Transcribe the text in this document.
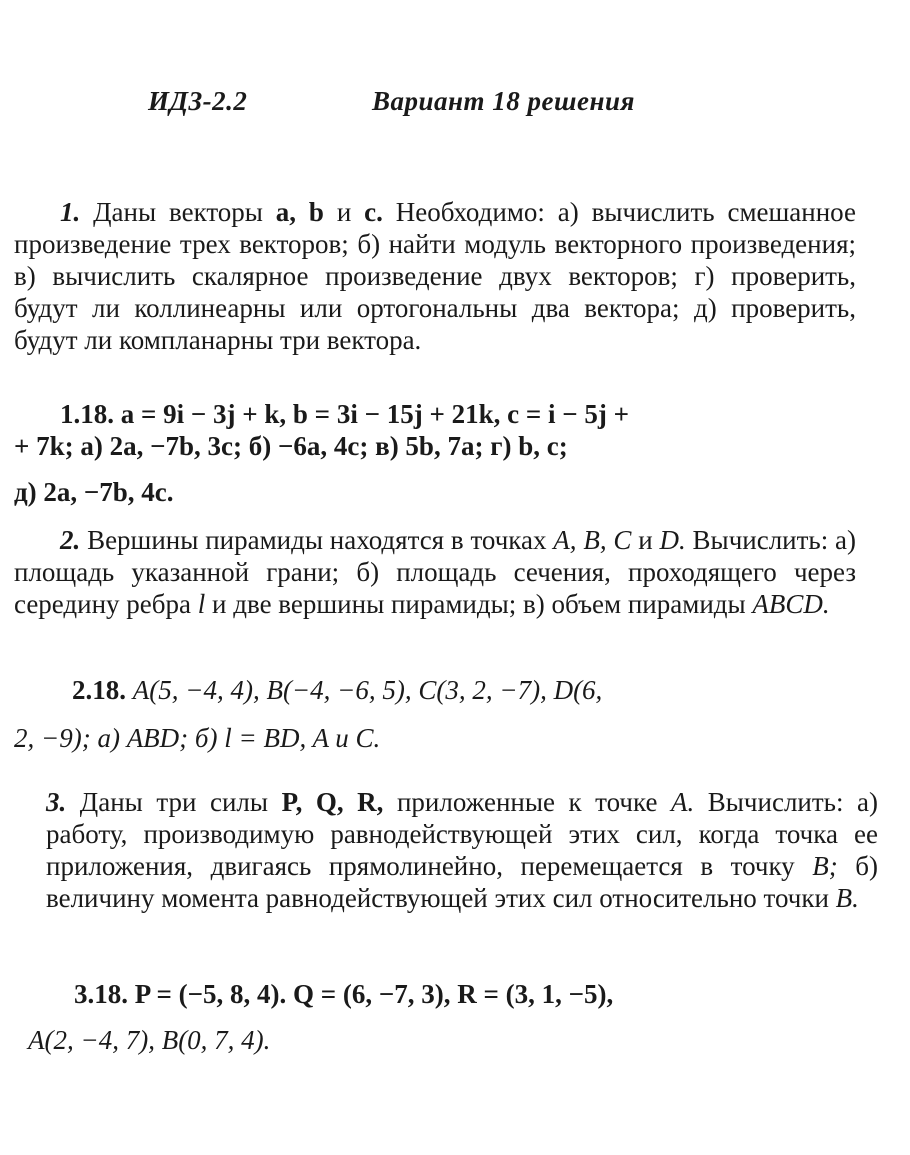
ИДЗ-2.2	Вариант 18 решения

1. Даны векторы a, b и c. Необходимо: а) вычислить смешанное произведение трех векторов; б) найти модуль векторного произведения; в) вычислить скалярное произведение двух векторов; г) проверить, будут ли коллинеарны или ортогональны два вектора; д) проверить, будут ли компланарны три вектора.

1.18. a = 9i − 3j + k, b = 3i − 15j + 21k, c = i − 5j +

+ 7k; а) 2a, −7b, 3c; б) −6a, 4c; в) 5b, 7a; г) b, c;

д) 2a, −7b, 4c.

2. Вершины пирамиды находятся в точках A, B, C и D. Вычислить: а) площадь указанной грани; б) площадь сечения, проходящего через середину ребра l и две вершины пирамиды; в) объем пирамиды ABCD.

2.18. A(5, −4, 4), B(−4, −6, 5), C(3, 2, −7), D(6,

2, −9); а) ABD; б) l = BD, A и C.

3. Даны три силы P, Q, R, приложенные к точке A. Вычислить: а) работу, производимую равнодействующей этих сил, когда точка ее приложения, двигаясь прямолинейно, перемещается в точку B; б) величину момента равнодействующей этих сил относительно точки B.

3.18. P = (−5, 8, 4). Q = (6, −7, 3), R = (3, 1, −5),

A(2, −4, 7), B(0, 7, 4).
